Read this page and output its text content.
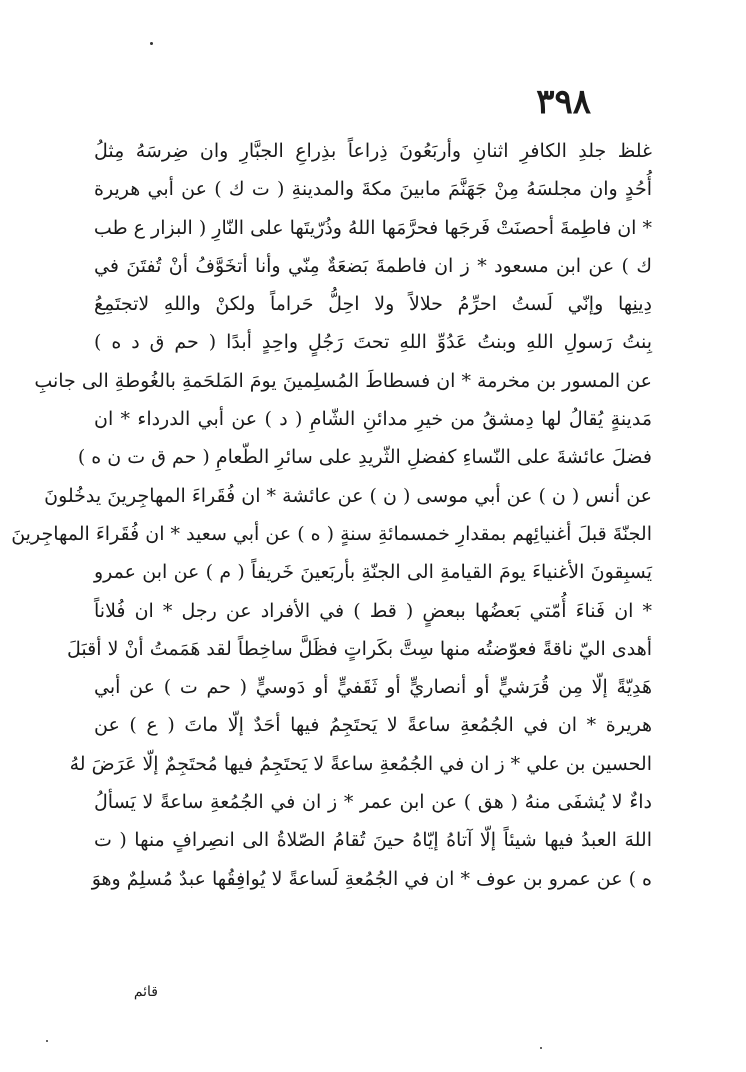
٣٩٨
غلظ جلدِ الكافرِ اثنانِ وأربَعُونَ ذِراعاً بذِراعِ الجبَّارِ وان ضِرسَهُ مِثلُ
أُحُدٍ وان مجلسَهُ مِنْ جَهَنَّمَ مابينَ مكةَ والمدينةِ ( ت ك ) عن أبي هريرة
* ان فاطِمةَ أحصنَتْ فَرجَها فحرَّمَها اللهُ وذُرّيتَها على النّارِ ( البزار ع طب
ك ) عن ابن مسعود * ز ان فاطمةَ بَضعَةٌ مِنّي وأنا أتخَوَّفُ أنْ تُفتَنَ في
دِينِها وإنّي لَستُ احرِّمُ حلالاً ولا احِلُّ حَراماً ولكنْ واللهِ لاتجتَمِعُ
بِنتُ رَسولِ اللهِ وبنتُ عَدُوِّ اللهِ تحتَ رَجُلٍ واحِدٍ أبدًا ( حم ق د ه )
عن المسور بن مخرمة * ان فسطاطَ المُسلِمينَ يومَ المَلحَمةِ بالغُوطةِ الى جانبِ
مَدينةٍ يُقالُ لها دِمشقُ من خيرِ مدائنِ الشّامِ ( د ) عن أبي الدرداء * ان
فضلَ عائشةَ على النّساءِ كفضلِ الثّريدِ على سائرِ الطّعامِ ( حم ق ت ن ه )
عن أنس ( ن ) عن أبي موسى ( ن ) عن عائشة * ان فُقَراءَ المهاجِرينَ يدخُلونَ
الجنّةَ قبلَ أغنيائِهم بمقدارِ خمسمائةِ سنةٍ ( ه ) عن أبي سعيد * ان فُقَراءَ المهاجِرينَ
يَسبِقونَ الأغنياءَ يومَ القيامةِ الى الجنّةِ بأربَعينَ خَريفاً ( م ) عن ابن عمرو
* ان فَناءَ أُمّتي بَعضُها ببعضٍ ( قط ) في الأفراد عن رجل * ان فُلاناً
أهدى اليّ ناقةً فعوّضتُه منها سِتَّ بكَراتٍ فظَلَّ ساخِطاً لقد هَمَمتُ أنْ لا أقبَلَ
هَدِيّةً إلّا مِن قُرَشيٍّ أو أنصاريٍّ أو ثَقَفيٍّ أو دَوسيٍّ ( حم ت ) عن أبي
هريرة * ان في الجُمُعةِ ساعةً لا يَحتَجِمُ فيها أحَدٌ إلّا ماتَ ( ع ) عن
الحسين بن علي * ز ان في الجُمُعةِ ساعةً لا يَحتَجِمُ فيها مُحتَجِمٌ إلّا عَرَضَ لهُ
داءٌ لا يُشفَى منهُ ( هق ) عن ابن عمر * ز ان في الجُمُعةِ ساعةً لا يَسألُ
اللهَ العبدُ فيها شيئاً إلّا آتاهُ إيّاهُ حينَ تُقامُ الصّلاةُ الى انصِرافٍ منها ( ت
ه ) عن عمرو بن عوف * ان في الجُمُعةِ لَساعةً لا يُوافِقُها عبدٌ مُسلِمٌ وهوَ
قائم
